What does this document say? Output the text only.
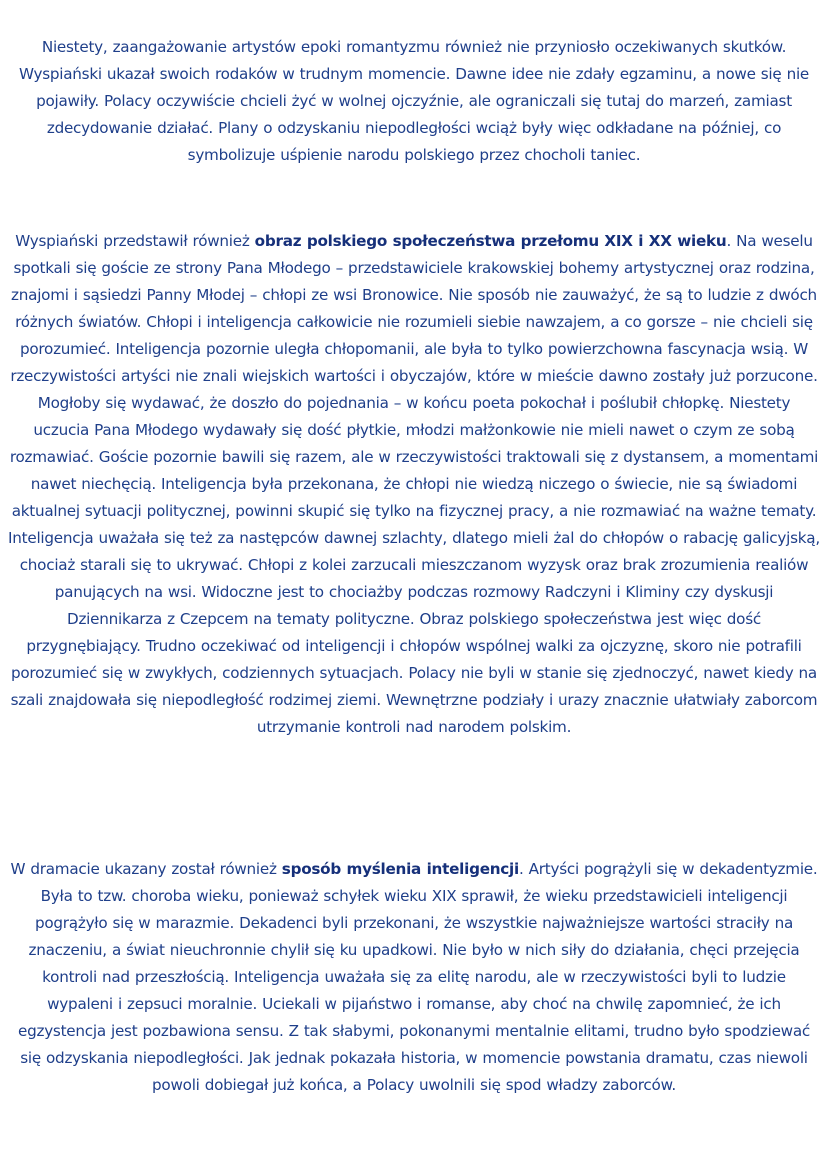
Niestety, zaangażowanie artystów epoki romantyzmu również nie przyniosło oczekiwanych skutków. Wyspiański ukazał swoich rodaków w trudnym momencie. Dawne idee nie zdały egzaminu, a nowe się nie pojawiły. Polacy oczywiście chcieli żyć w wolnej ojczyźnie, ale ograniczali się tutaj do marzeń, zamiast zdecydowanie działać. Plany o odzyskaniu niepodległości wciąż były więc odkładane na później, co symbolizuje uśpienie narodu polskiego przez chocholi taniec.

Wyspiański przedstawił również obraz polskiego społeczeństwa przełomu XIX i XX wieku. Na weselu spotkali się goście ze strony Pana Młodego – przedstawiciele krakowskiej bohemy artystycznej oraz rodzina, znajomi i sąsiedzi Panny Młodej – chłopi ze wsi Bronowice. Nie sposób nie zauważyć, że są to ludzie z dwóch różnych światów. Chłopi i inteligencja całkowicie nie rozumieli siebie nawzajem, a co gorsze – nie chcieli się porozumieć. Inteligencja pozornie uległa chłopomanii, ale była to tylko powierzchowna fascynacja wsią. W rzeczywistości artyści nie znali wiejskich wartości i obyczajów, które w mieście dawno zostały już porzucone. Mogłoby się wydawać, że doszło do pojednania – w końcu poeta pokochał i poślubił chłopkę. Niestety uczucia Pana Młodego wydawały się dość płytkie, młodzi małżonkowie nie mieli nawet o czym ze sobą rozmawiać. Goście pozornie bawili się razem, ale w rzeczywistości traktowali się z dystansem, a momentami nawet niechęcią. Inteligencja była przekonana, że chłopi nie wiedzą niczego o świecie, nie są świadomi aktualnej sytuacji politycznej, powinni skupić się tylko na fizycznej pracy, a nie rozmawiać na ważne tematy. Inteligencja uważała się też za następców dawnej szlachty, dlatego mieli żal do chłopów o rabację galicyjską, chociaż starali się to ukrywać. Chłopi z kolei zarzucali mieszczanom wyzysk oraz brak zrozumienia realiów panujących na wsi. Widoczne jest to chociażby podczas rozmowy Radczyni i Kliminy czy dyskusji Dziennikarza z Czepcem na tematy polityczne. Obraz polskiego społeczeństwa jest więc dość przygnębiający. Trudno oczekiwać od inteligencji i chłopów wspólnej walki za ojczyznę, skoro nie potrafili porozumieć się w zwykłych, codziennych sytuacjach. Polacy nie byli w stanie się zjednoczyć, nawet kiedy na szali znajdowała się niepodległość rodzimej ziemi. Wewnętrzne podziały i urazy znacznie ułatwiały zaborcom utrzymanie kontroli nad narodem polskim.

W dramacie ukazany został również sposób myślenia inteligencji. Artyści pogrążyli się w dekadentyzmie. Była to tzw. choroba wieku, ponieważ schyłek wieku XIX sprawił, że wieku przedstawicieli inteligencji pogrążyło się w marazmie. Dekadenci byli przekonani, że wszystkie najważniejsze wartości straciły na znaczeniu, a świat nieuchronnie chylił się ku upadkowi. Nie było w nich siły do działania, chęci przejęcia kontroli nad przeszłością. Inteligencja uważała się za elitę narodu, ale w rzeczywistości byli to ludzie wypaleni i zepsuci moralnie. Uciekali w pijaństwo i romanse, aby choć na chwilę zapomnieć, że ich egzystencja jest pozbawiona sensu. Z tak słabymi, pokonanymi mentalnie elitami, trudno było spodziewać się odzyskania niepodległości. Jak jednak pokazała historia, w momencie powstania dramatu, czas niewoli powoli dobiegał już końca, a Polacy uwolnili się spod władzy zaborców.
